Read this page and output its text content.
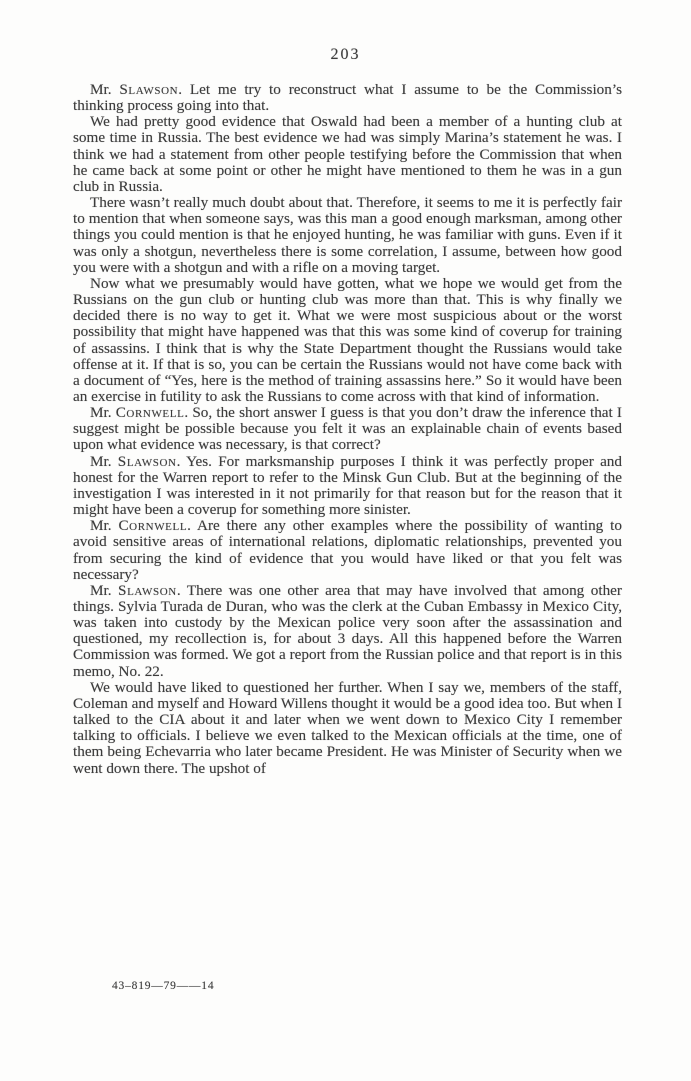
203

Mr. Slawson. Let me try to reconstruct what I assume to be the Commission’s thinking process going into that.

We had pretty good evidence that Oswald had been a member of a hunting club at some time in Russia. The best evidence we had was simply Marina’s statement he was. I think we had a statement from other people testifying before the Commission that when he came back at some point or other he might have mentioned to them he was in a gun club in Russia.

There wasn’t really much doubt about that. Therefore, it seems to me it is perfectly fair to mention that when someone says, was this man a good enough marksman, among other things you could mention is that he enjoyed hunting, he was familiar with guns. Even if it was only a shotgun, nevertheless there is some correlation, I assume, between how good you were with a shotgun and with a rifle on a moving target.

Now what we presumably would have gotten, what we hope we would get from the Russians on the gun club or hunting club was more than that. This is why finally we decided there is no way to get it. What we were most suspicious about or the worst possibility that might have happened was that this was some kind of coverup for training of assassins. I think that is why the State Department thought the Russians would take offense at it. If that is so, you can be certain the Russians would not have come back with a document of “Yes, here is the method of training assassins here.” So it would have been an exercise in futility to ask the Russians to come across with that kind of information.

Mr. Cornwell. So, the short answer I guess is that you don’t draw the inference that I suggest might be possible because you felt it was an explainable chain of events based upon what evidence was necessary, is that correct?

Mr. Slawson. Yes. For marksmanship purposes I think it was perfectly proper and honest for the Warren report to refer to the Minsk Gun Club. But at the beginning of the investigation I was interested in it not primarily for that reason but for the reason that it might have been a coverup for something more sinister.

Mr. Cornwell. Are there any other examples where the possibility of wanting to avoid sensitive areas of international relations, diplomatic relationships, prevented you from securing the kind of evidence that you would have liked or that you felt was necessary?

Mr. Slawson. There was one other area that may have involved that among other things. Sylvia Turada de Duran, who was the clerk at the Cuban Embassy in Mexico City, was taken into custody by the Mexican police very soon after the assassination and questioned, my recollection is, for about 3 days. All this happened before the Warren Commission was formed. We got a report from the Russian police and that report is in this memo, No. 22.

We would have liked to questioned her further. When I say we, members of the staff, Coleman and myself and Howard Willens thought it would be a good idea too. But when I talked to the CIA about it and later when we went down to Mexico City I remember talking to officials. I believe we even talked to the Mexican officials at the time, one of them being Echevarria who later became President. He was Minister of Security when we went down there. The upshot of

43–819—79——14
